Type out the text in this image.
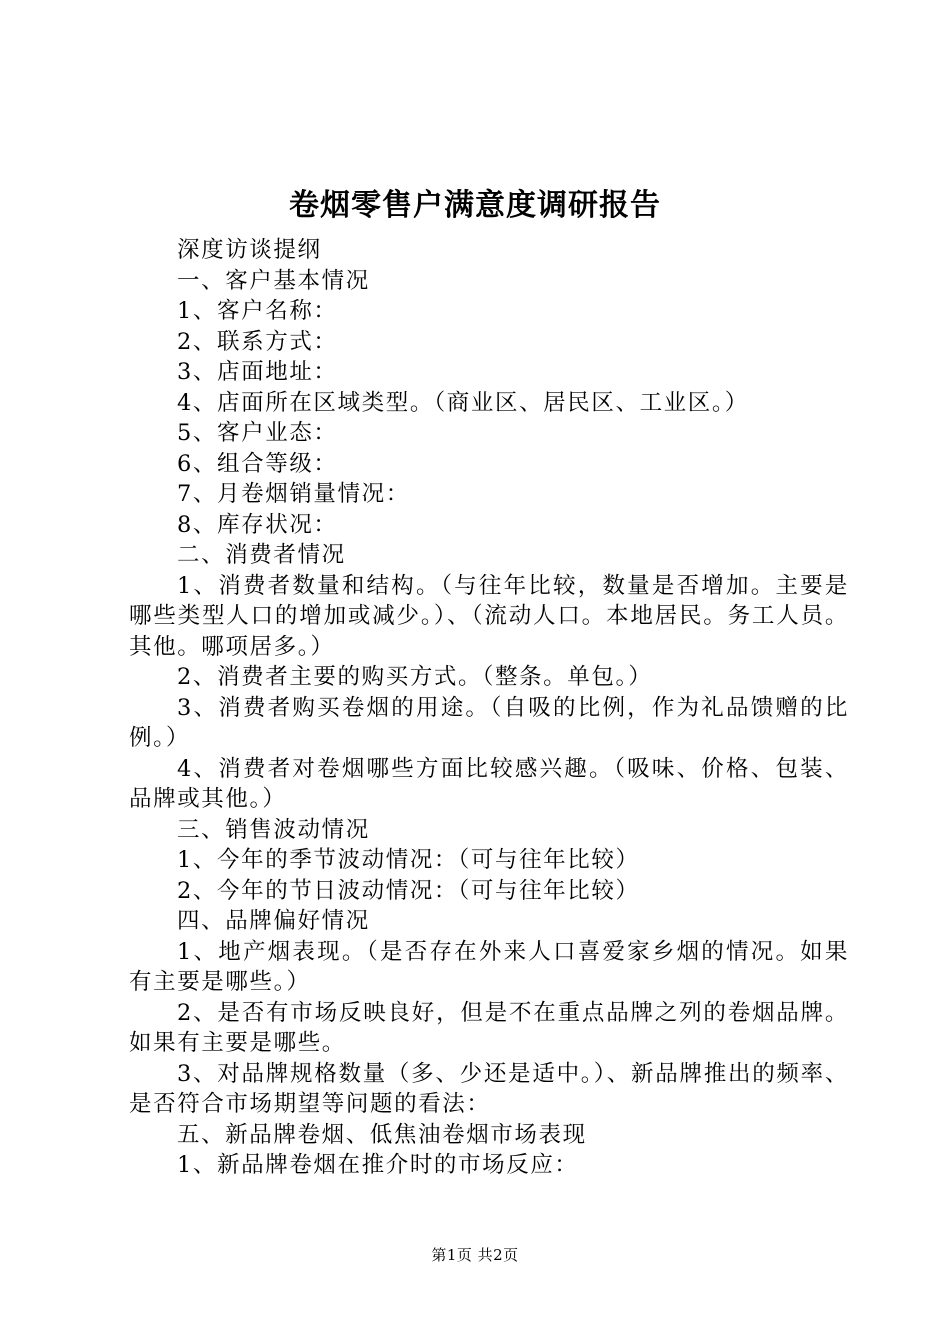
卷烟零售户满意度调研报告

深度访谈提纲

一、客户基本情况

1、客户名称：

2、联系方式：

3、店面地址：

4、店面所在区域类型。（商业区、居民区、工业区。）

5、客户业态：

6、组合等级：

7、月卷烟销量情况：

8、库存状况：

二、消费者情况

1、消费者数量和结构。（与往年比较，数量是否增加。主要是哪些类型人口的增加或减少。）、（流动人口。本地居民。务工人员。其他。哪项居多。）

2、消费者主要的购买方式。（整条。单包。）

3、消费者购买卷烟的用途。（自吸的比例，作为礼品馈赠的比例。）

4、消费者对卷烟哪些方面比较感兴趣。（吸味、价格、包装、品牌或其他。）

三、销售波动情况

1、今年的季节波动情况：（可与往年比较）

2、今年的节日波动情况：（可与往年比较）

四、品牌偏好情况

1、地产烟表现。（是否存在外来人口喜爱家乡烟的情况。如果有主要是哪些。）

2、是否有市场反映良好，但是不在重点品牌之列的卷烟品牌。如果有主要是哪些。

3、对品牌规格数量（多、少还是适中。）、新品牌推出的频率、是否符合市场期望等问题的看法：

五、新品牌卷烟、低焦油卷烟市场表现

1、新品牌卷烟在推介时的市场反应：

第1页 共2页
